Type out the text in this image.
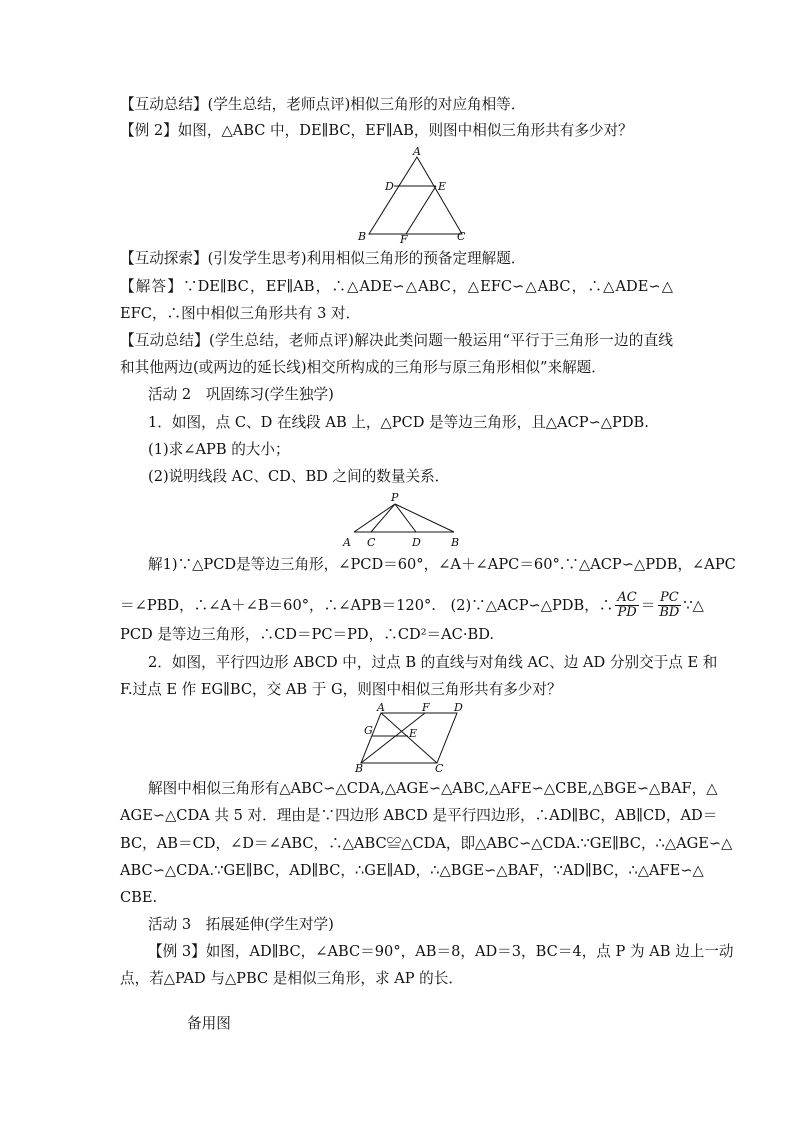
【互动总结】(学生总结，老师点评)相似三角形的对应角相等．
【例 2】如图，△ABC 中，DE∥BC，EF∥AB，则图中相似三角形共有多少对？
A
D	E
B	F	C
【互动探索】(引发学生思考)利用相似三角形的预备定理解题．
【解答】∵DE∥BC，EF∥AB，∴△ADE∽△ABC，△EFC∽△ABC，∴△ADE∽△
EFC，∴图中相似三角形共有 3 对．
【互动总结】(学生总结，老师点评)解决此类问题一般运用“平行于三角形一边的直线
和其他两边(或两边的延长线)相交所构成的三角形与原三角形相似”来解题．
活动 2　巩固练习(学生独学)
1．如图，点 C、D 在线段 AB 上，△PCD 是等边三角形，且△ACP∽△PDB.
(1)求∠APB 的大小；
(2)说明线段 AC、CD、BD 之间的数量关系．
P
A C	D	B
解1)∵△PCD是等边三角形，∠PCD＝60°，∠A＋∠APC＝60°.∵△ACP∽△PDB，∠APC
＝∠PBD，∴∠A＋∠B＝60°，∴∠APB＝120°.　(2)∵△ACP∽△PDB，∴ $\frac{AC}{PD} = \frac{PC}{BD}$ ∵△
PCD 是等边三角形，∴CD＝PC＝PD，∴CD²＝AC·BD.
2．如图，平行四边形 ABCD 中，过点 B 的直线与对角线 AC、边 AD 分别交于点 E 和
F.过点 E 作 EG∥BC，交 AB 于 G，则图中相似三角形共有多少对？
A	F D
G	E
B	C
解图中相似三角形有△ABC∽△CDA,△AGE∽△ABC,△AFE∽△CBE,△BGE∽△BAF，△
AGE∽△CDA 共 5 对．理由是∵四边形 ABCD 是平行四边形，∴AD∥BC，AB∥CD，AD＝
BC，AB＝CD，∠D＝∠ABC，∴△ABC≌△CDA，即△ABC∽△CDA.∵GE∥BC，∴△AGE∽△
ABC∽△CDA.∵GE∥BC，AD∥BC，∴GE∥AD，∴△BGE∽△BAF，∵AD∥BC，∴△AFE∽△
CBE.
活动 3　拓展延伸(学生对学)
【例 3】如图，AD∥BC，∠ABC＝90°，AB＝8，AD＝3，BC＝4，点 P 为 AB 边上一动
点，若△PAD 与△PBC 是相似三角形，求 AP 的长．
备用图
